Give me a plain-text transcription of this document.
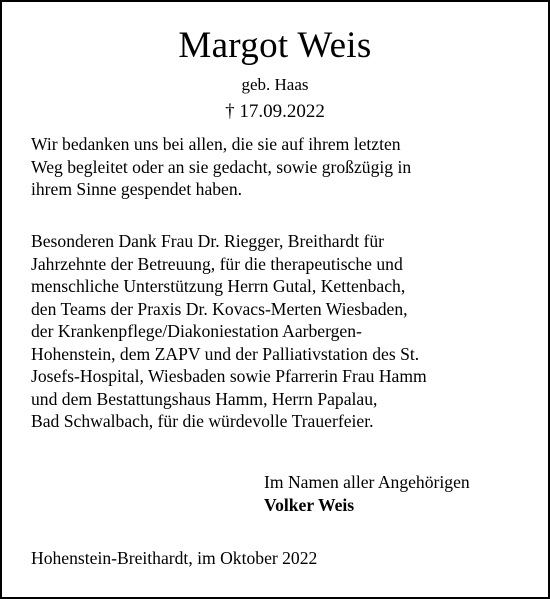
Margot Weis
geb. Haas
† 17.09.2022

Wir bedanken uns bei allen, die sie auf ihrem letzten
Weg begleitet oder an sie gedacht, sowie großzügig in
ihrem Sinne gespendet haben.

Besonderen Dank Frau Dr. Riegger, Breithardt für
Jahrzehnte der Betreuung, für die therapeutische und
menschliche Unterstützung Herrn Gutal, Kettenbach,
den Teams der Praxis Dr. Kovacs-Merten Wiesbaden,
der Krankenpflege/Diakoniestation Aarbergen-
Hohenstein, dem ZAPV und der Palliativstation des St.
Josefs-Hospital, Wiesbaden sowie Pfarrerin Frau Hamm
und dem Bestattungshaus Hamm, Herrn Papalau,
Bad Schwalbach, für die würdevolle Trauerfeier.

Im Namen aller Angehörigen
Volker Weis
Hohenstein-Breithardt, im Oktober 2022
